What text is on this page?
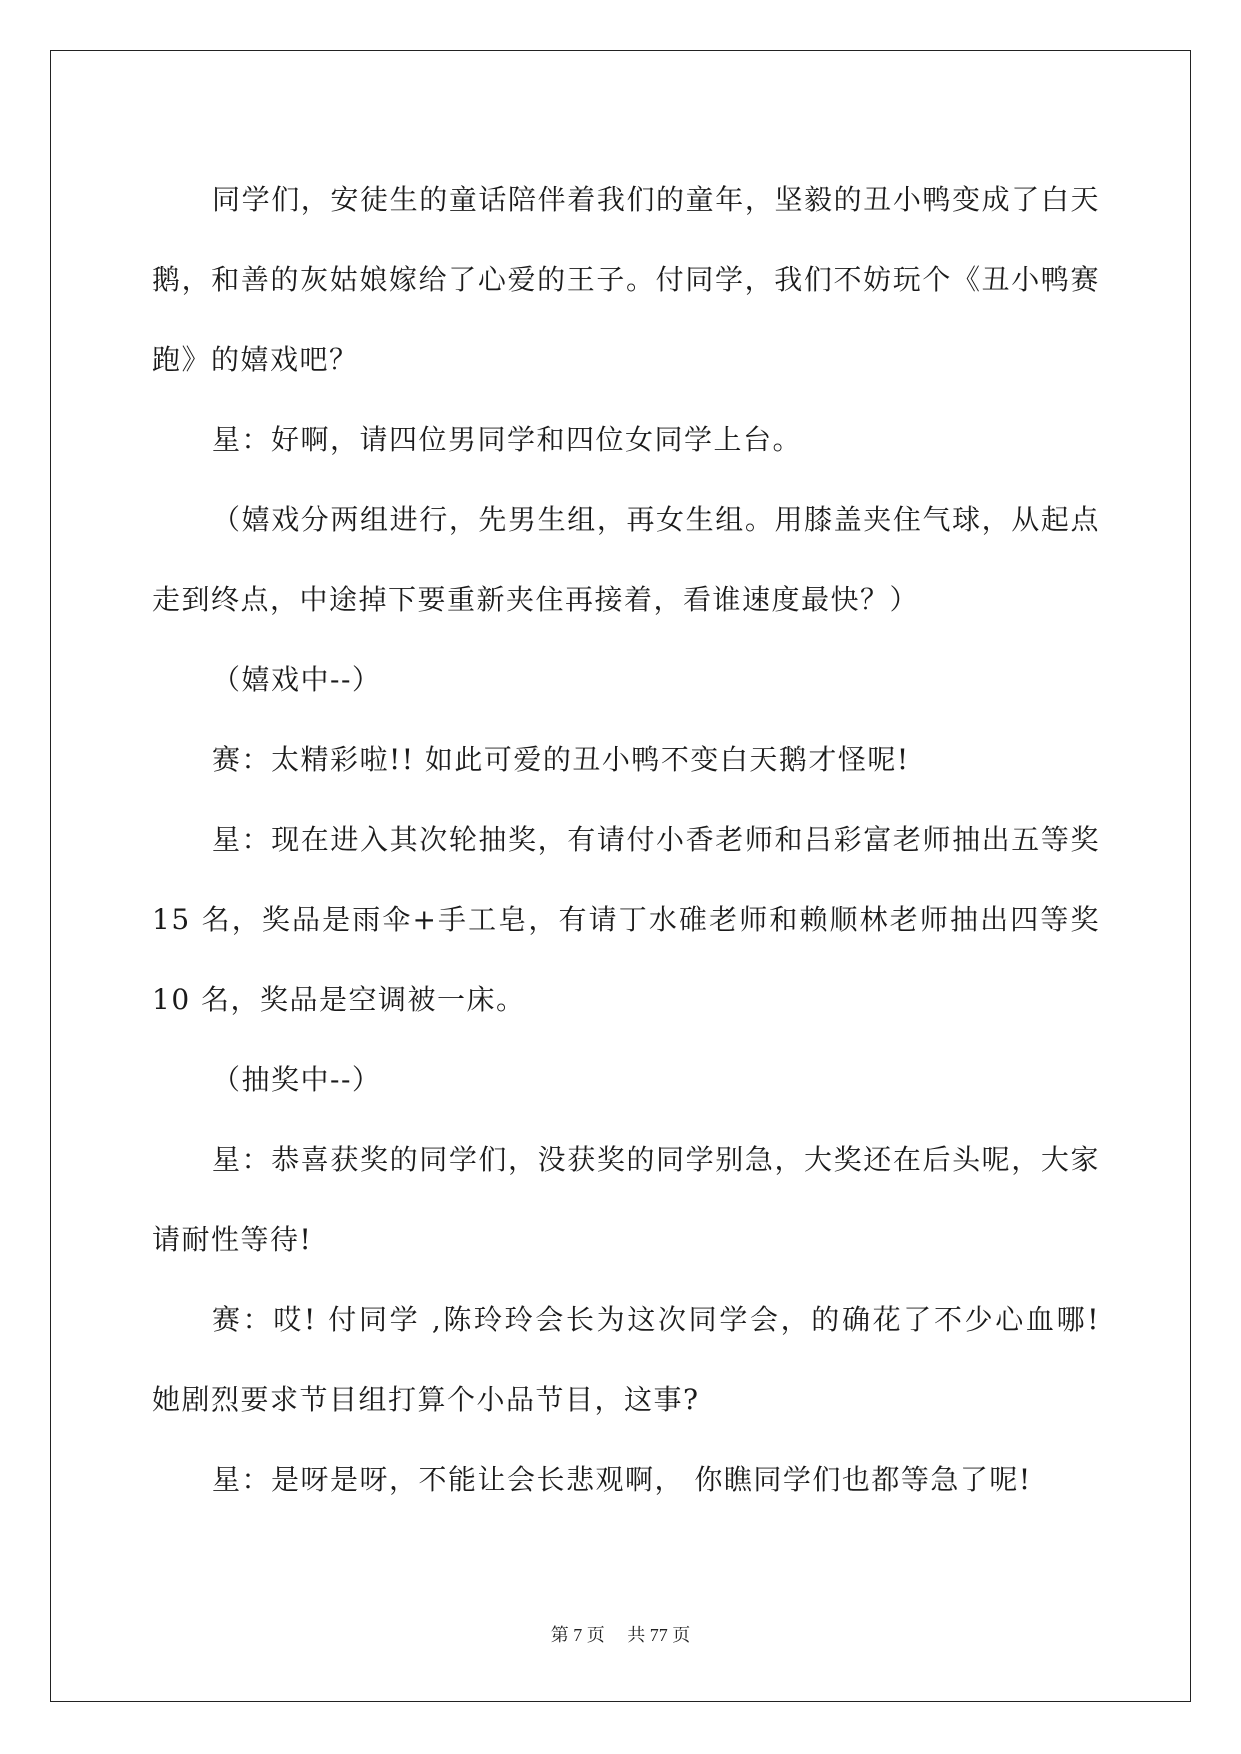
同学们，安徒生的童话陪伴着我们的童年，坚毅的丑小鸭变成了白天鹅，和善的灰姑娘嫁给了心爱的王子。付同学，我们不妨玩个《丑小鸭赛跑》的嬉戏吧？

星：好啊，请四位男同学和四位女同学上台。

（嬉戏分两组进行，先男生组，再女生组。用膝盖夹住气球，从起点走到终点，中途掉下要重新夹住再接着，看谁速度最快？）

（嬉戏中--）

赛：太精彩啦!! 如此可爱的丑小鸭不变白天鹅才怪呢!

星：现在进入其次轮抽奖，有请付小香老师和吕彩富老师抽出五等奖 15 名，奖品是雨伞+手工皂，有请丁水碓老师和赖顺林老师抽出四等奖 10 名，奖品是空调被一床。

（抽奖中--）

星：恭喜获奖的同学们，没获奖的同学别急，大奖还在后头呢，大家请耐性等待!

赛：哎! 付同学 ,陈玲玲会长为这次同学会，的确花了不少心血哪! 她剧烈要求节目组打算个小品节目，这事?

星：是呀是呀，不能让会长悲观啊， 你瞧同学们也都等急了呢!

第 7 页 共 77 页
